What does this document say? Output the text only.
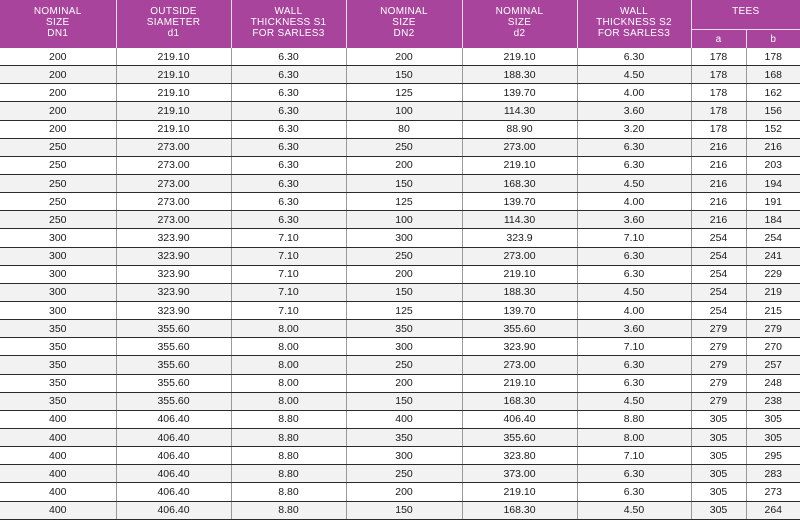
NOMINAL
SIZE
DN1	OUTSIDE
SIAMETER
d1	WALL
THICKNESS S1
FOR SARLES3	NOMINAL
SIZE
DN2	NOMINAL
SIZE
d2	WALL
THICKNESS S2
FOR SARLES3	TEES	
						a	b
200	219.10	6.30	200	219.10	6.30	178	178
200	219.10	6.30	150	188.30	4.50	178	168
200	219.10	6.30	125	139.70	4.00	178	162
200	219.10	6.30	100	114.30	3.60	178	156
200	219.10	6.30	80	88.90	3.20	178	152
250	273.00	6.30	250	273.00	6.30	216	216
250	273.00	6.30	200	219.10	6.30	216	203
250	273.00	6.30	150	168.30	4.50	216	194
250	273.00	6.30	125	139.70	4.00	216	191
250	273.00	6.30	100	114.30	3.60	216	184
300	323.90	7.10	300	323.9	7.10	254	254
300	323.90	7.10	250	273.00	6.30	254	241
300	323.90	7.10	200	219.10	6.30	254	229
300	323.90	7.10	150	188.30	4.50	254	219
300	323.90	7.10	125	139.70	4.00	254	215
350	355.60	8.00	350	355.60	3.60	279	279
350	355.60	8.00	300	323.90	7.10	279	270
350	355.60	8.00	250	273.00	6.30	279	257
350	355.60	8.00	200	219.10	6.30	279	248
350	355.60	8.00	150	168.30	4.50	279	238
400	406.40	8.80	400	406.40	8.80	305	305
400	406.40	8.80	350	355.60	8.00	305	305
400	406.40	8.80	300	323.80	7.10	305	295
400	406.40	8.80	250	373.00	6.30	305	283
400	406.40	8.80	200	219.10	6.30	305	273
400	406.40	8.80	150	168.30	4.50	305	264
